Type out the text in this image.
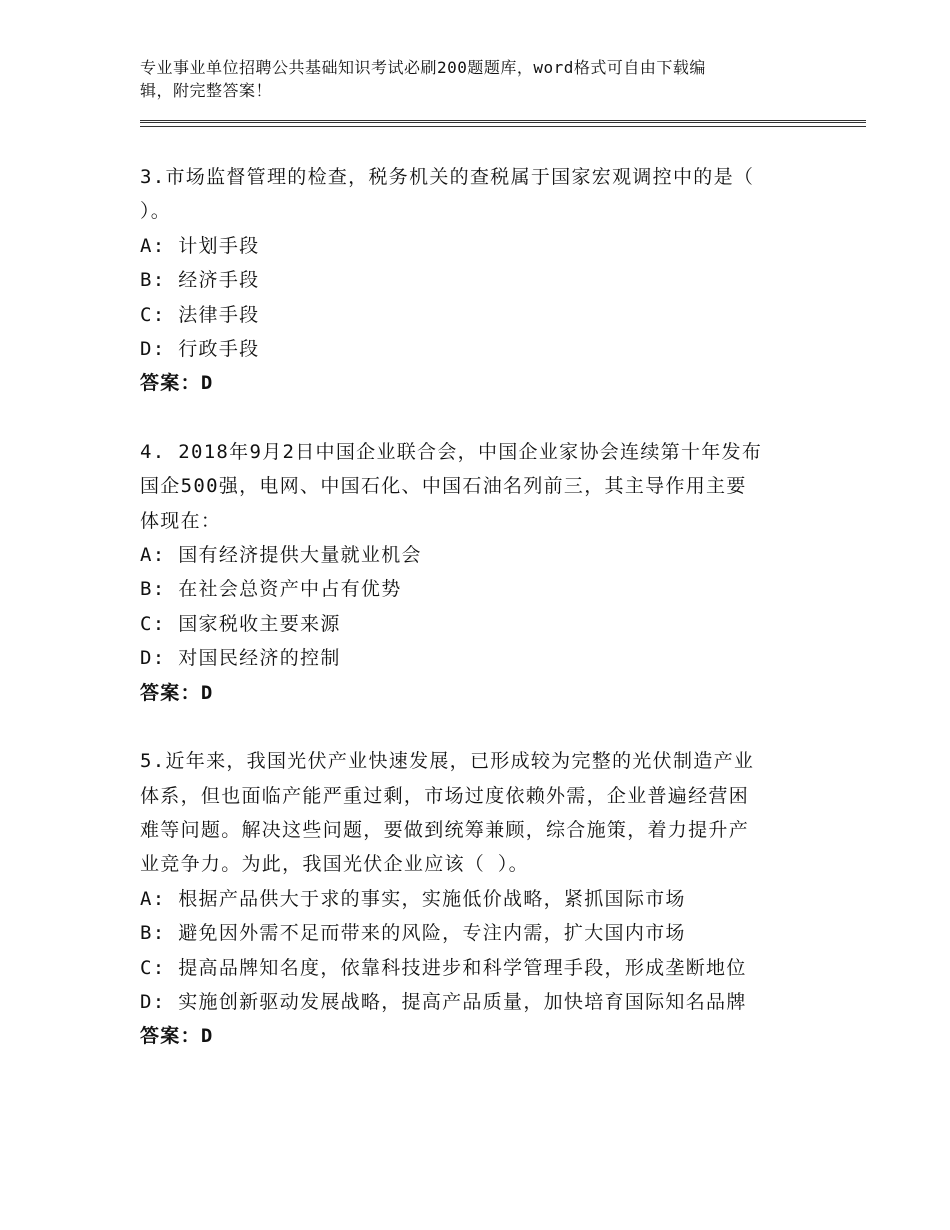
专业事业单位招聘公共基础知识考试必刷200题题库，word格式可自由下载编
辑，附完整答案！
3.市场监督管理的检查，税务机关的查税属于国家宏观调控中的是（
）。
A: 计划手段
B: 经济手段
C: 法律手段
D: 行政手段
答案：D
4. 2018年9月2日中国企业联合会，中国企业家协会连续第十年发布
国企500强，电网、中国石化、中国石油名列前三，其主导作用主要
体现在：
A: 国有经济提供大量就业机会
B: 在社会总资产中占有优势
C: 国家税收主要来源
D: 对国民经济的控制
答案：D
5.近年来，我国光伏产业快速发展，已形成较为完整的光伏制造产业
体系，但也面临产能严重过剩，市场过度依赖外需，企业普遍经营困
难等问题。解决这些问题，要做到统筹兼顾，综合施策，着力提升产
业竞争力。为此，我国光伏企业应该（ ）。
A: 根据产品供大于求的事实，实施低价战略，紧抓国际市场
B: 避免因外需不足而带来的风险，专注内需，扩大国内市场
C: 提高品牌知名度，依靠科技进步和科学管理手段，形成垄断地位
D: 实施创新驱动发展战略，提高产品质量，加快培育国际知名品牌
答案：D
